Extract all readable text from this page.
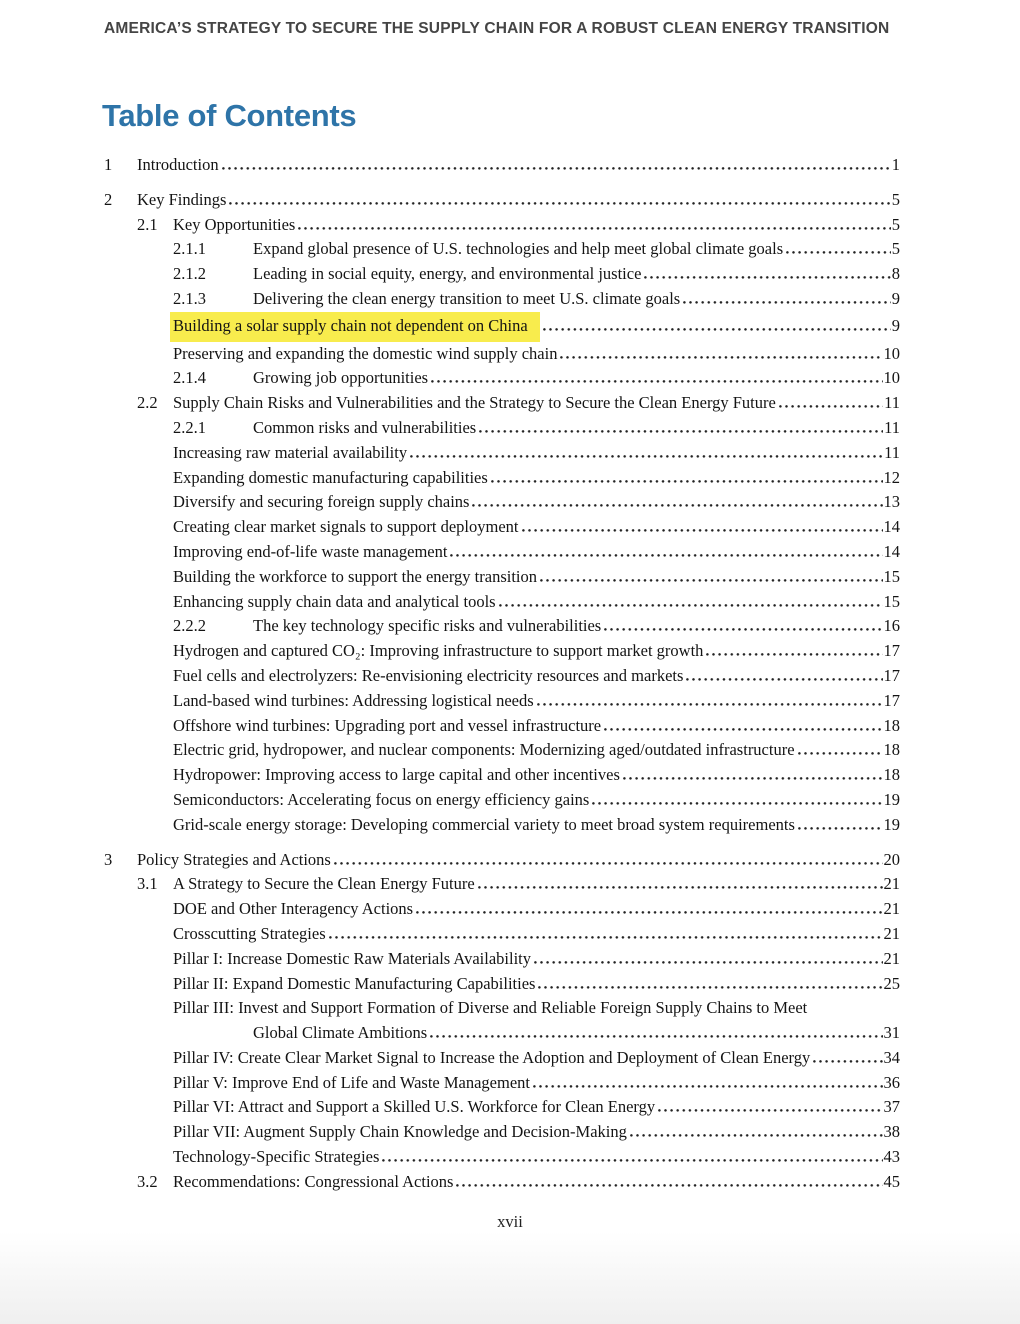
AMERICA’S STRATEGY TO SECURE THE SUPPLY CHAIN FOR A ROBUST CLEAN ENERGY TRANSITION
Table of Contents
1	Introduction	1
2	Key Findings	5
2.1 Key Opportunities	5
2.1.1	Expand global presence of U.S. technologies and help meet global climate goals	5
2.1.2	Leading in social equity, energy, and environmental justice	8
2.1.3	Delivering the clean energy transition to meet U.S. climate goals	9
Building a solar supply chain not dependent on China	9
Preserving and expanding the domestic wind supply chain	10
2.1.4	Growing job opportunities	10
2.2 Supply Chain Risks and Vulnerabilities and the Strategy to Secure the Clean Energy Future	11
2.2.1	Common risks and vulnerabilities	11
Increasing raw material availability	11
Expanding domestic manufacturing capabilities	12
Diversify and securing foreign supply chains	13
Creating clear market signals to support deployment	14
Improving end-of-life waste management	14
Building the workforce to support the energy transition	15
Enhancing supply chain data and analytical tools	15
2.2.2	The key technology specific risks and vulnerabilities	16
Hydrogen and captured CO₂: Improving infrastructure to support market growth	17
Fuel cells and electrolyzers: Re-envisioning electricity resources and markets	17
Land-based wind turbines: Addressing logistical needs	17
Offshore wind turbines: Upgrading port and vessel infrastructure	18
Electric grid, hydropower, and nuclear components: Modernizing aged/outdated infrastructure	18
Hydropower: Improving access to large capital and other incentives	18
Semiconductors: Accelerating focus on energy efficiency gains	19
Grid-scale energy storage: Developing commercial variety to meet broad system requirements	19
3	Policy Strategies and Actions	20
3.1 A Strategy to Secure the Clean Energy Future	21
DOE and Other Interagency Actions	21
Crosscutting Strategies	21
Pillar I: Increase Domestic Raw Materials Availability	21
Pillar II: Expand Domestic Manufacturing Capabilities	25
Pillar III: Invest and Support Formation of Diverse and Reliable Foreign Supply Chains to Meet
Global Climate Ambitions	31
Pillar IV: Create Clear Market Signal to Increase the Adoption and Deployment of Clean Energy	34
Pillar V: Improve End of Life and Waste Management	36
Pillar VI: Attract and Support a Skilled U.S. Workforce for Clean Energy	37
Pillar VII: Augment Supply Chain Knowledge and Decision-Making	38
Technology-Specific Strategies	43
3.2 Recommendations: Congressional Actions	45
xvii
